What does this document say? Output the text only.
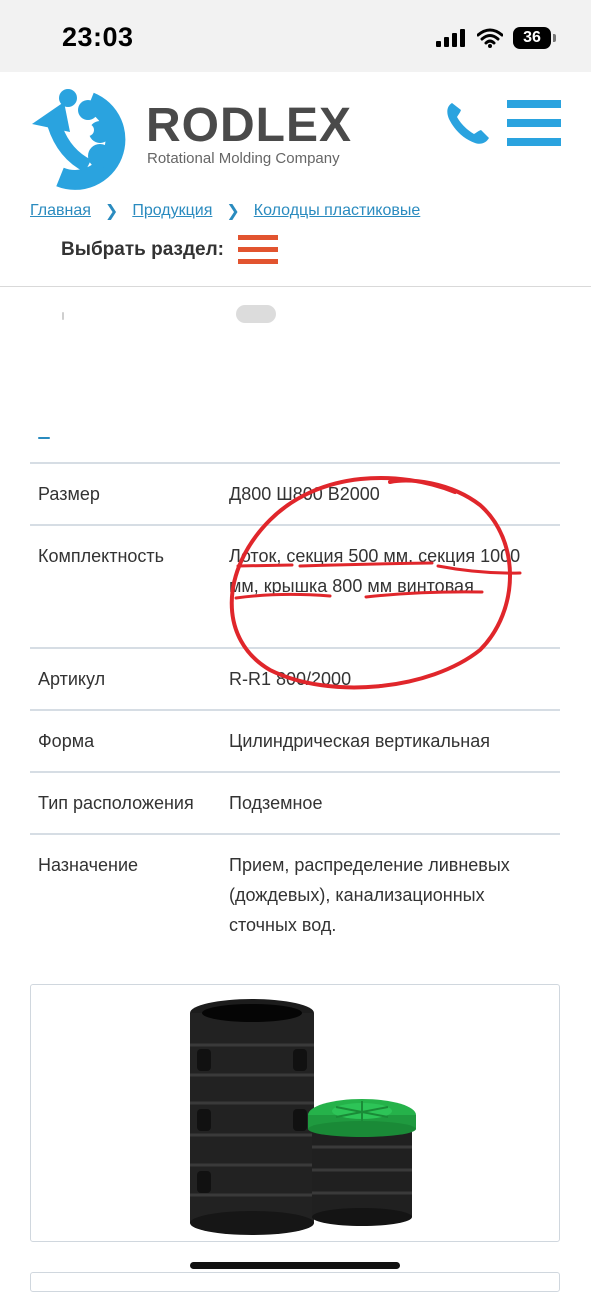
23:03	36
RODLEX
Rotational Molding Company
Главная ❯ Продукция ❯ Колодцы пластиковые
Выбрать раздел:
Размер	Д800 Ш800 В2000
Комплектность	Лоток, секция 500 мм, секция 1000 мм, крышка 800 мм винтовая
Артикул	R-R1 800/2000
Форма	Цилиндрическая вертикальная
Тип расположения	Подземное
Назначение	Прием, распределение ливневых (дождевых), канализационных сточных вод.
